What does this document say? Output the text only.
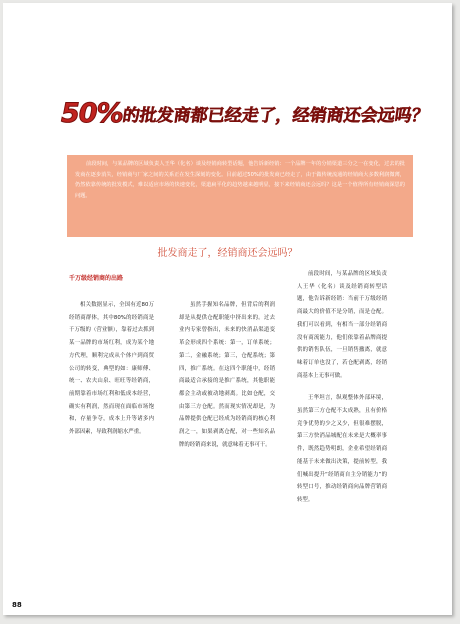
50%的批发商都已经走了，经销商还会远吗？
前段时间，与某品牌的区域负责人王华（化名）谈及经销商转型话题，他告诉新经销：一个品牌一年的分销渠道三分之一在变化，过去的批发商在逐步消失，经销商与厂家之间的关系正在发生深刻的变化。目前超过50%的批发商已经走了，由于做传统流通的经销商大多数利润微薄，仍然依靠传统的批发模式，难以适应市场的快速变化，渠道扁平化的趋势越来越明显，接下来经销商还会远吗？这是一个值得所有经销商深思的问题。
批发商走了，经销商还会远吗？
千万级经销商的出路

相关数据显示，全国有近80万经销商群体，其中80%的经销商是千万级的（营业额），靠着过去抓到某一品牌的市场红利，成为某个地方代理，顺利完成从个体户到商贸公司的转变，典型的如：康师傅、统一、农夫山泉、旺旺等经销商，前期靠着市场红利和低成本经营，确实有利润，然而现在面临市场饱和，存量争夺，成本上升等诸多内外部因素，导致利润缩水严重。

虽然手握知名品牌，但背后的利润却是从提供仓配职能中挤出来的。过去业内专家曾指出，未来的快消品渠道变革会形成四个系统：第一，订单系统；第二，金融系统；第三，仓配系统；第四，推广系统。在这四个职能中，经销商最适合承接的是推广系统，其他职能都会主动或被动地剥离。比如仓配，交由第三方仓配。然而现实情况却是，为品牌提供仓配已经成为经销商的核心利润之一，如果剥离仓配，对一些知名品牌的经销商来说，就意味着无事可干。

前段时间，与某品牌的区域负责人王华（化名）谈及经销商转型话题，他告诉新经销：当前千万级经销商最大的价值不是分销，而是仓配。我们可以看到，有相当一部分经销商没有商流能力，他们依靠着品牌商提供的销售队伍，一旦销售撤离，就意味着订单也没了，若仓配剥离，经销商基本上无事可做。

王华坦言，纵观整体外部环境，虽然第三方仓配不太成熟，且有价格竞争优势的少之又少，但很难摆脱，第三方快消品城配在未来是大概率事件，既然趋势明朗，企业希望经销商能基于未来做出决策，提前转型，我们喊出提升“经销商自主分销能力”的转型口号，推动经销商向品牌营销商转型。

88
